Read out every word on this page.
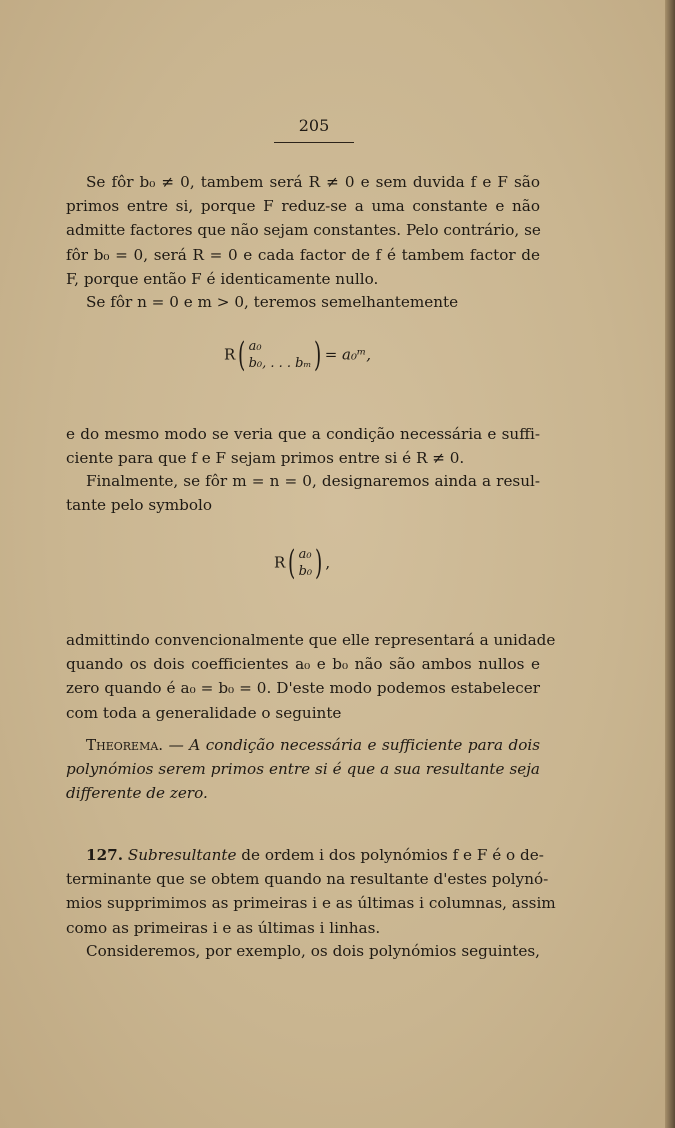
205
Se fôr b₀ ≠ 0, tambem será R ≠ 0 e sem duvida f e F são
primos entre si, porque F reduz-se a uma constante e não
admitte factores que não sejam constantes. Pelo contrário, se
fôr b₀ = 0, será R = 0 e cada factor de f é tambem factor de
F, porque então F é identicamente nullo.
Se fôr n = 0 e m > 0, teremos semelhantemente
R( a₀
b₀, . . . bₘ ) = a₀ᵐ,
e do mesmo modo se veria que a condição necessária e suffi-
ciente para que f e F sejam primos entre si é R ≠ 0.
Finalmente, se fôr m = n = 0, designaremos ainda a resul-
tante pelo symbolo
R( a₀
b₀ ) ,
admittindo convencionalmente que elle representará a unidade
quando os dois coefficientes a₀ e b₀ não são ambos nullos e
zero quando é a₀ = b₀ = 0. D'este modo podemos estabelecer
com toda a generalidade o seguinte
Theorema. — A condição necessária e sufficiente para dois
polynómios serem primos entre si é que a sua resultante seja
differente de zero.
127. Subresultante de ordem i dos polynómios f e F é o de-
terminante que se obtem quando na resultante d'estes polynó-
mios supprimimos as primeiras i e as últimas i columnas, assim
como as primeiras i e as últimas i linhas.
Consideremos, por exemplo, os dois polynómios seguintes,
